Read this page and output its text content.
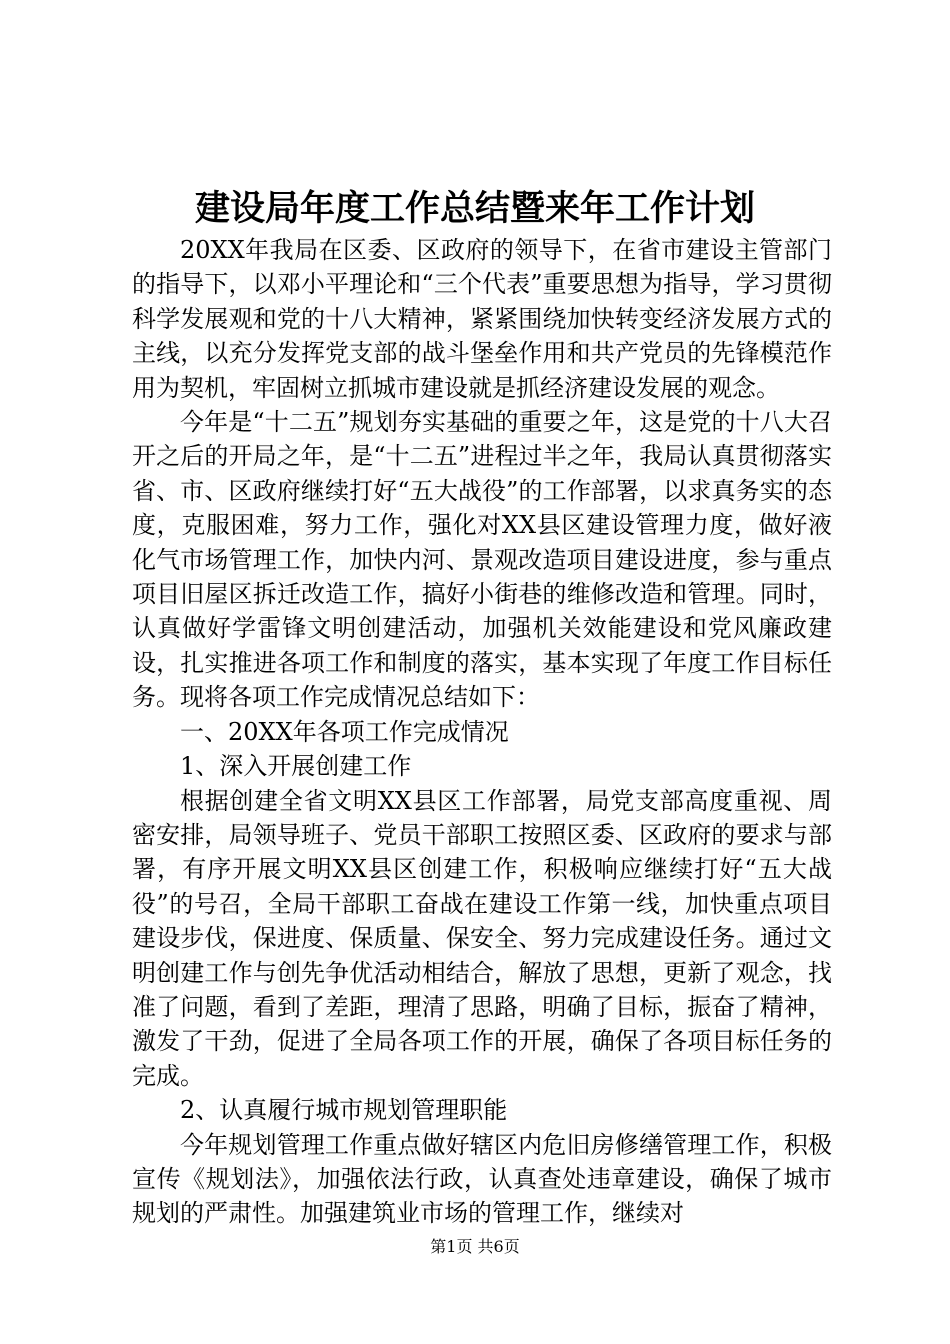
建设局年度工作总结暨来年工作计划

20XX年我局在区委、区政府的领导下，在省市建设主管部门的指导下，以邓小平理论和“三个代表”重要思想为指导，学习贯彻科学发展观和党的十八大精神，紧紧围绕加快转变经济发展方式的主线，以充分发挥党支部的战斗堡垒作用和共产党员的先锋模范作用为契机，牢固树立抓城市建设就是抓经济建设发展的观念。

今年是“十二五”规划夯实基础的重要之年，这是党的十八大召开之后的开局之年，是“十二五”进程过半之年，我局认真贯彻落实省、市、区政府继续打好“五大战役”的工作部署，以求真务实的态度，克服困难，努力工作，强化对XX县区建设管理力度，做好液化气市场管理工作，加快内河、景观改造项目建设进度，参与重点项目旧屋区拆迁改造工作，搞好小街巷的维修改造和管理。同时，认真做好学雷锋文明创建活动，加强机关效能建设和党风廉政建设，扎实推进各项工作和制度的落实，基本实现了年度工作目标任务。现将各项工作完成情况总结如下：

一、20XX年各项工作完成情况

1、深入开展创建工作

根据创建全省文明XX县区工作部署，局党支部高度重视、周密安排，局领导班子、党员干部职工按照区委、区政府的要求与部署，有序开展文明XX县区创建工作，积极响应继续打好“五大战役”的号召，全局干部职工奋战在建设工作第一线，加快重点项目建设步伐，保进度、保质量、保安全、努力完成建设任务。通过文明创建工作与创先争优活动相结合，解放了思想，更新了观念，找准了问题，看到了差距，理清了思路，明确了目标，振奋了精神，激发了干劲，促进了全局各项工作的开展，确保了各项目标任务的完成。

2、认真履行城市规划管理职能

今年规划管理工作重点做好辖区内危旧房修缮管理工作，积极宣传《规划法》，加强依法行政，认真查处违章建设，确保了城市规划的严肃性。加强建筑业市场的管理工作，继续对

第1页 共6页
